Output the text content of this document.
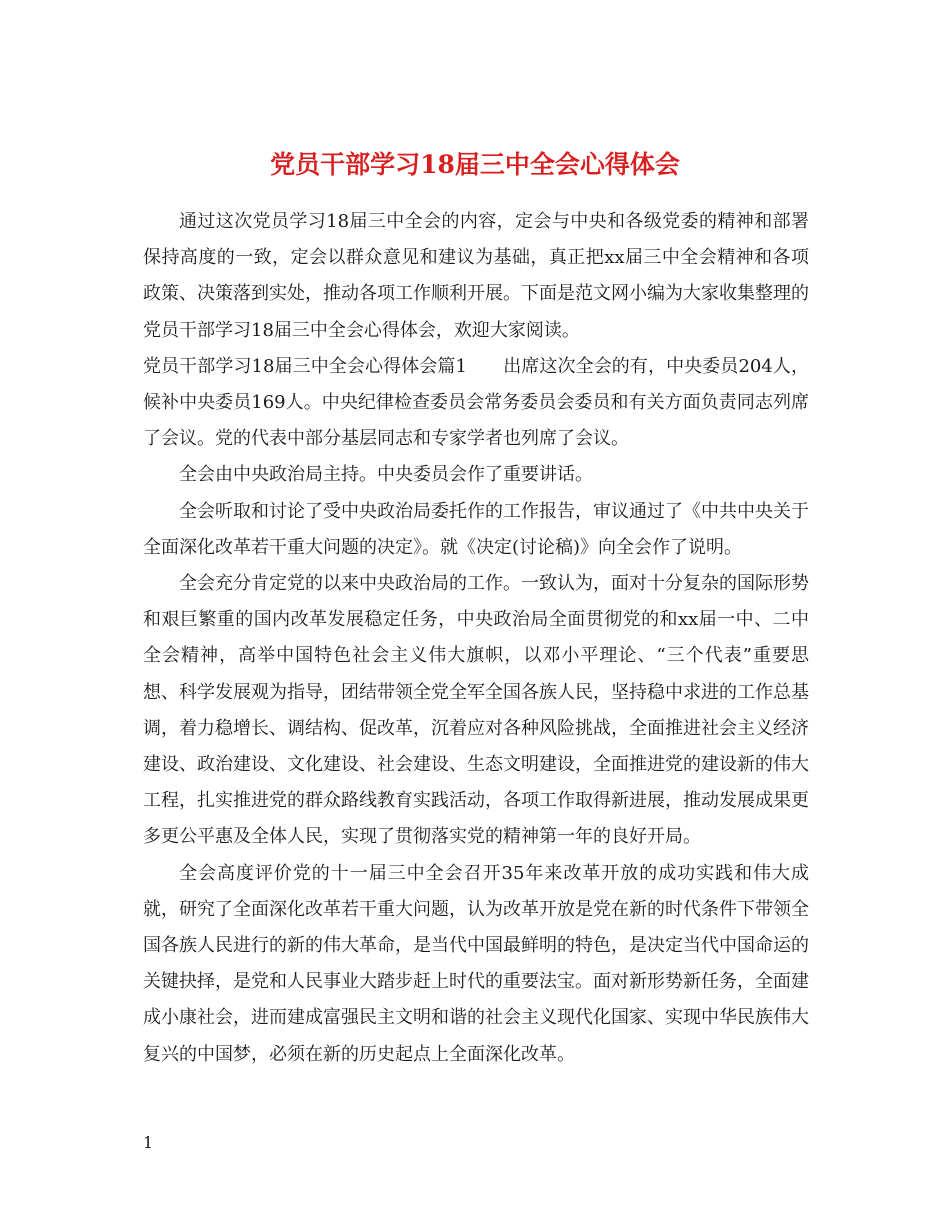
党员干部学习18届三中全会心得体会

通过这次党员学习18届三中全会的内容，定会与中央和各级党委的精神和部署保持高度的一致，定会以群众意见和建议为基础，真正把xx届三中全会精神和各项政策、决策落到实处，推动各项工作顺利开展。下面是范文网小编为大家收集整理的党员干部学习18届三中全会心得体会，欢迎大家阅读。

党员干部学习18届三中全会心得体会篇1　　出席这次全会的有，中央委员204人，候补中央委员169人。中央纪律检查委员会常务委员会委员和有关方面负责同志列席了会议。党的代表中部分基层同志和专家学者也列席了会议。

全会由中央政治局主持。中央委员会作了重要讲话。

全会听取和讨论了受中央政治局委托作的工作报告，审议通过了《中共中央关于全面深化改革若干重大问题的决定》。就《决定(讨论稿)》向全会作了说明。

全会充分肯定党的以来中央政治局的工作。一致认为，面对十分复杂的国际形势和艰巨繁重的国内改革发展稳定任务，中央政治局全面贯彻党的和xx届一中、二中全会精神，高举中国特色社会主义伟大旗帜，以邓小平理论、“三个代表”重要思想、科学发展观为指导，团结带领全党全军全国各族人民，坚持稳中求进的工作总基调，着力稳增长、调结构、促改革，沉着应对各种风险挑战，全面推进社会主义经济建设、政治建设、文化建设、社会建设、生态文明建设，全面推进党的建设新的伟大工程，扎实推进党的群众路线教育实践活动，各项工作取得新进展，推动发展成果更多更公平惠及全体人民，实现了贯彻落实党的精神第一年的良好开局。

全会高度评价党的十一届三中全会召开35年来改革开放的成功实践和伟大成就，研究了全面深化改革若干重大问题，认为改革开放是党在新的时代条件下带领全国各族人民进行的新的伟大革命，是当代中国最鲜明的特色，是决定当代中国命运的关键抉择，是党和人民事业大踏步赶上时代的重要法宝。面对新形势新任务，全面建成小康社会，进而建成富强民主文明和谐的社会主义现代化国家、实现中华民族伟大复兴的中国梦，必须在新的历史起点上全面深化改革。

1
